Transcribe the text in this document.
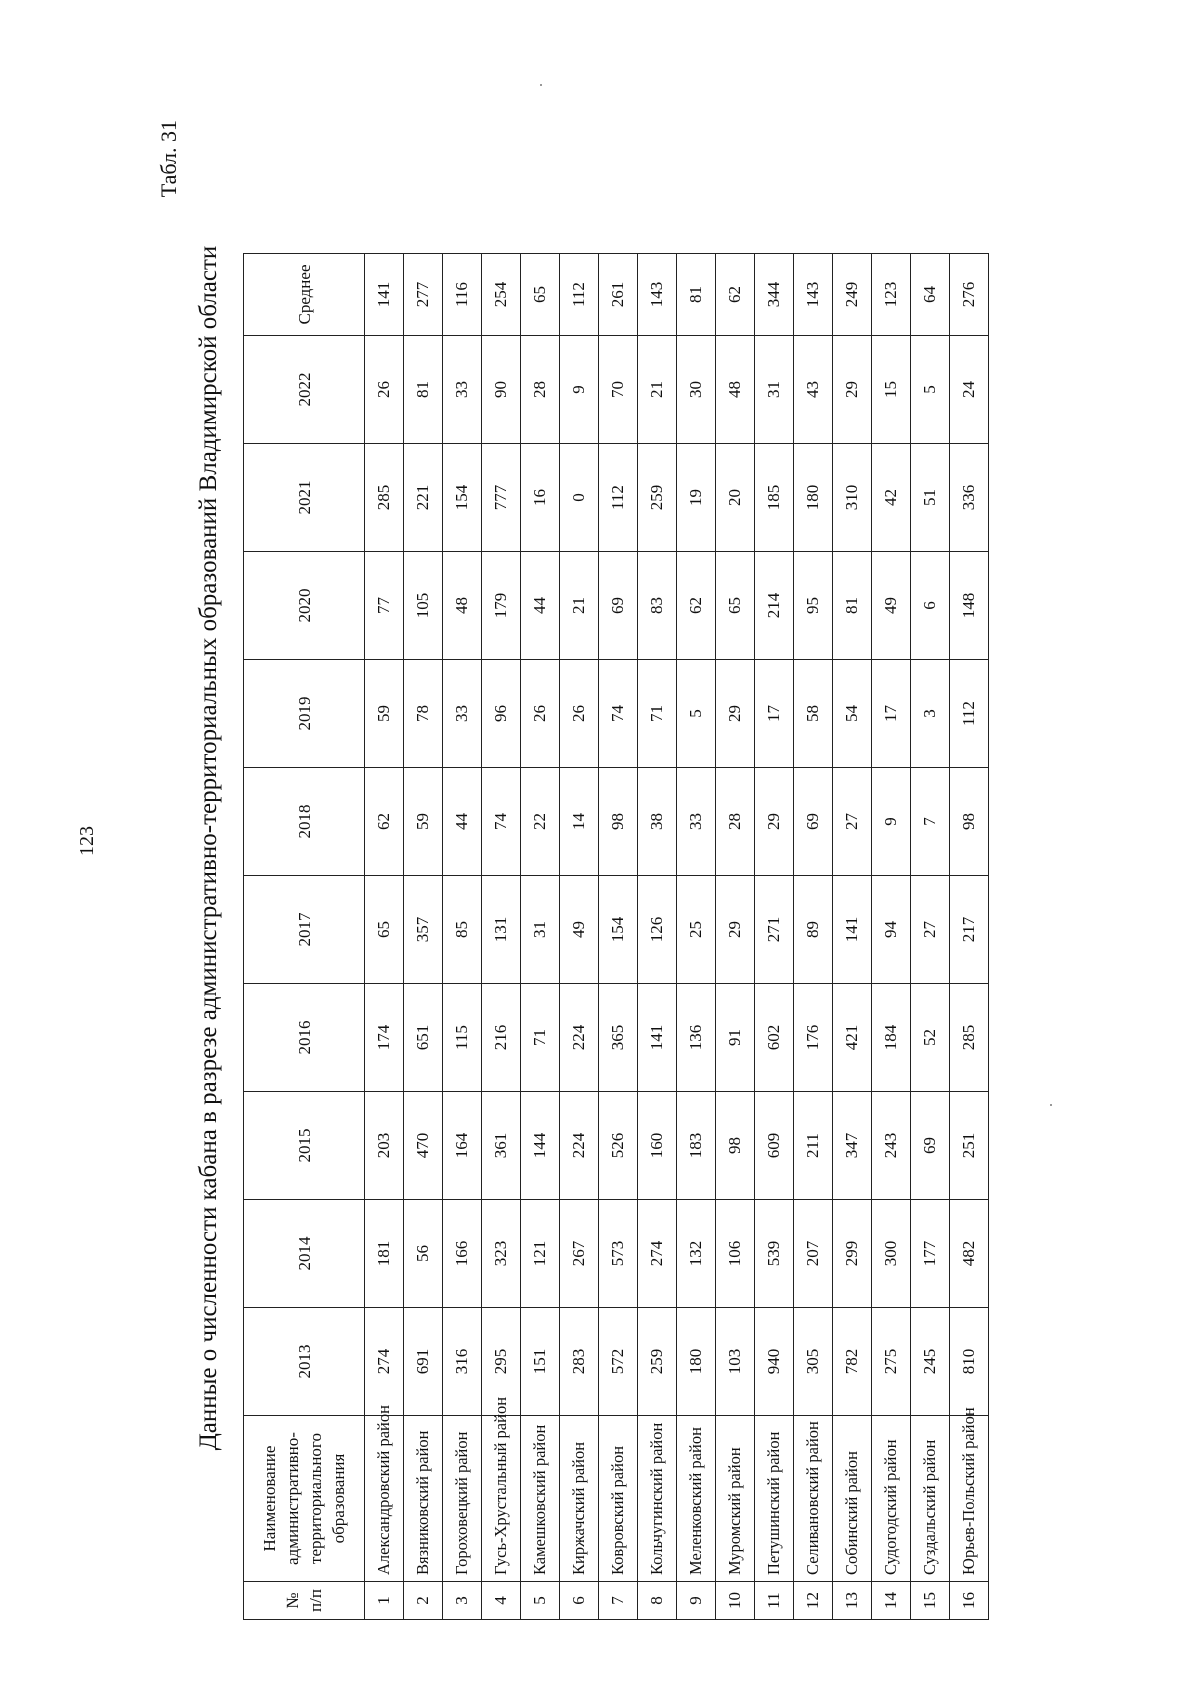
123
Табл. 31
Данные о численности кабана в разрезе административно-территориальных образований Владимирской области
№ п/п	Наименование административно-территориального образования	2013	2014	2015	2016	2017	2018	2019	2020	2021	2022	Среднее
1	Александровский район	274	181	203	174	65	62	59	77	285	26	141
2	Вязниковский район	691	56	470	651	357	59	78	105	221	81	277
3	Гороховецкий район	316	166	164	115	85	44	33	48	154	33	116
4	Гусь-Хрустальный район	295	323	361	216	131	74	96	179	777	90	254
5	Камешковский район	151	121	144	71	31	22	26	44	16	28	65
6	Киржачский район	283	267	224	224	49	14	26	21	0	9	112
7	Ковровский район	572	573	526	365	154	98	74	69	112	70	261
8	Кольчугинский район	259	274	160	141	126	38	71	83	259	21	143
9	Меленковский район	180	132	183	136	25	33	5	62	19	30	81
10	Муромский район	103	106	98	91	29	28	29	65	20	48	62
11	Петушинский район	940	539	609	602	271	29	17	214	185	31	344
12	Селивановский район	305	207	211	176	89	69	58	95	180	43	143
13	Собинский район	782	299	347	421	141	27	54	81	310	29	249
14	Судогодский район	275	300	243	184	94	9	17	49	42	15	123
15	Суздальский район	245	177	69	52	27	7	3	6	51	5	64
16	Юрьев-Польский район	810	482	251	285	217	98	112	148	336	24	276
